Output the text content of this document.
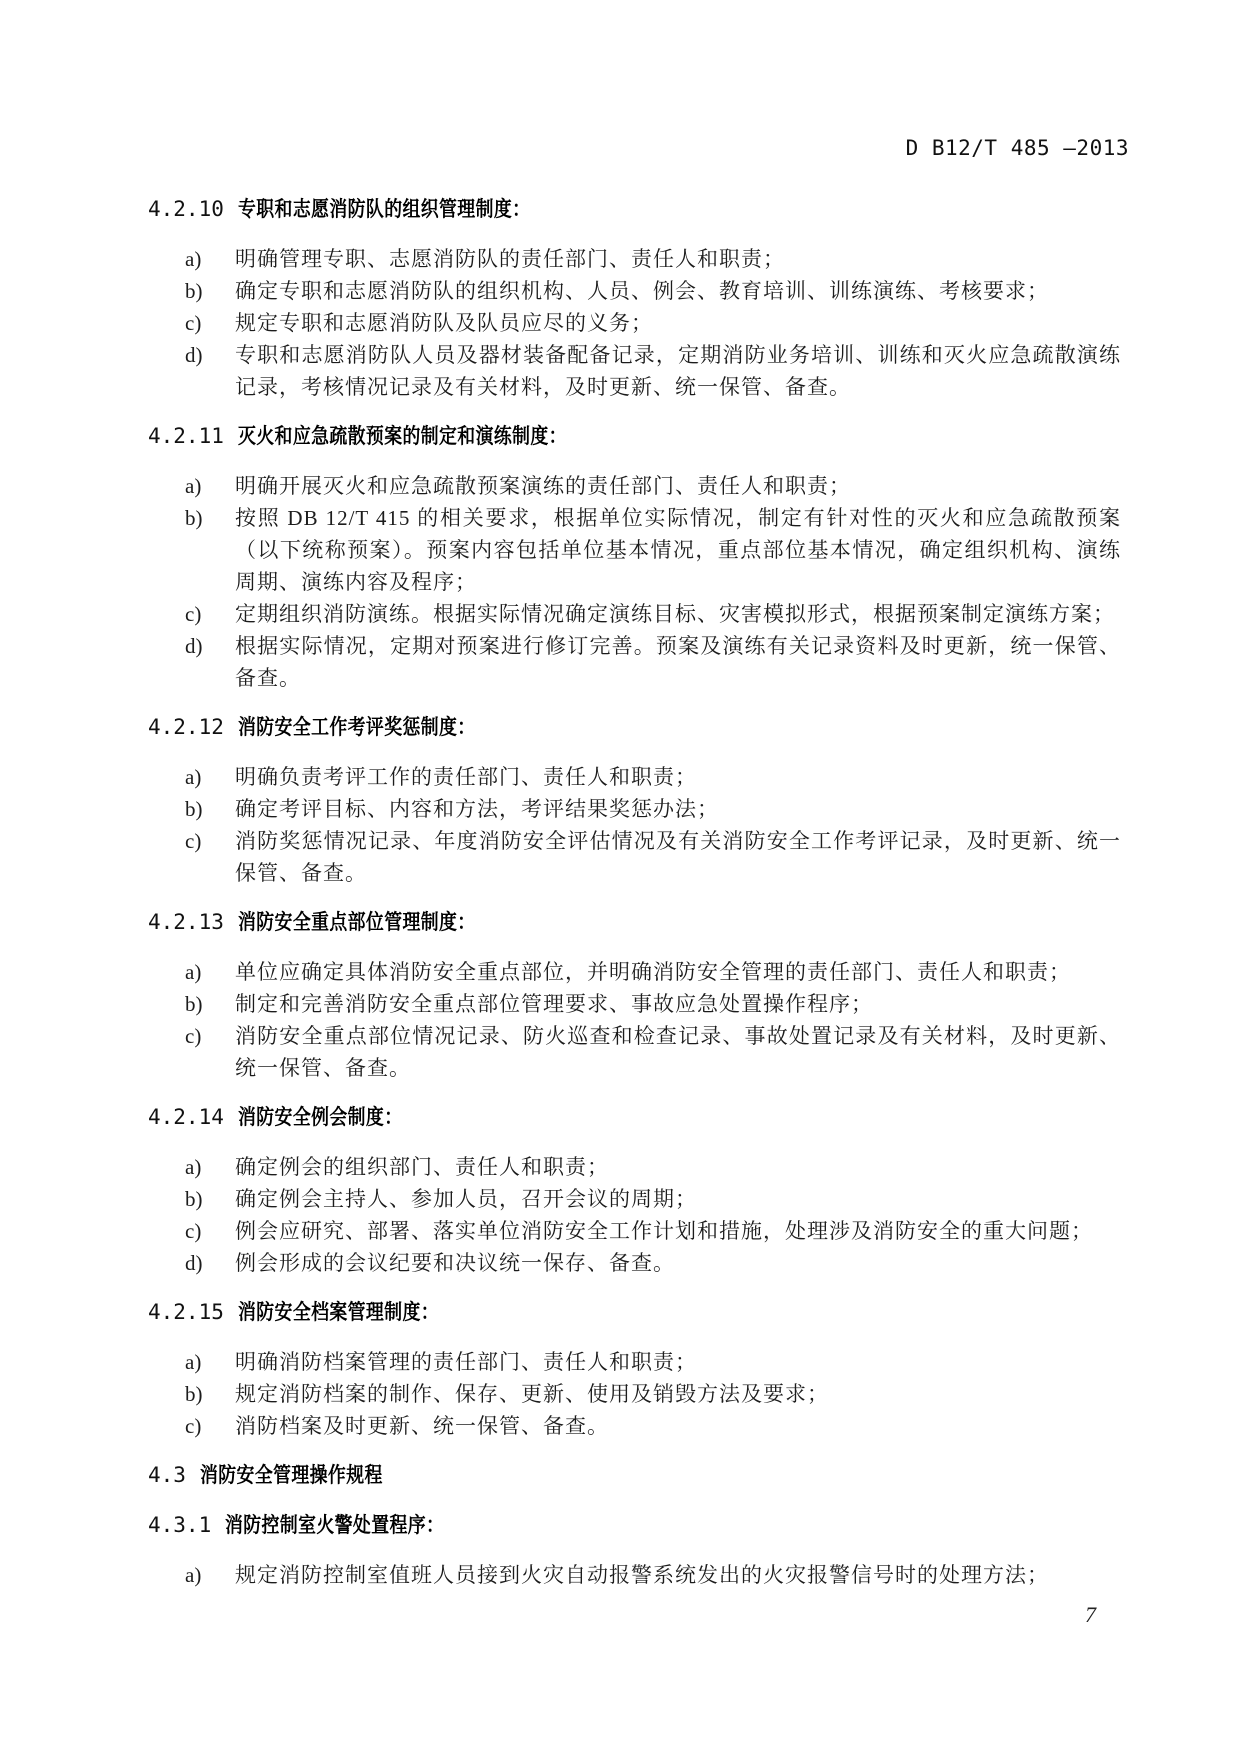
D B12/T 485 —2013
4.2.10 专职和志愿消防队的组织管理制度：
a)	明确管理专职、志愿消防队的责任部门、责任人和职责；
b)	确定专职和志愿消防队的组织机构、人员、例会、教育培训、训练演练、考核要求；
c)	规定专职和志愿消防队及队员应尽的义务；
d)	专职和志愿消防队人员及器材装备配备记录，定期消防业务培训、训练和灭火应急疏散演练记录，考核情况记录及有关材料，及时更新、统一保管、备查。
4.2.11 灭火和应急疏散预案的制定和演练制度：
a)	明确开展灭火和应急疏散预案演练的责任部门、责任人和职责；
b)	按照 DB 12/T 415 的相关要求，根据单位实际情况，制定有针对性的灭火和应急疏散预案（以下统称预案）。预案内容包括单位基本情况，重点部位基本情况，确定组织机构、演练周期、演练内容及程序；
c)	定期组织消防演练。根据实际情况确定演练目标、灾害模拟形式，根据预案制定演练方案；
d)	根据实际情况，定期对预案进行修订完善。预案及演练有关记录资料及时更新，统一保管、备查。
4.2.12 消防安全工作考评奖惩制度：
a)	明确负责考评工作的责任部门、责任人和职责；
b)	确定考评目标、内容和方法，考评结果奖惩办法；
c)	消防奖惩情况记录、年度消防安全评估情况及有关消防安全工作考评记录，及时更新、统一保管、备查。
4.2.13 消防安全重点部位管理制度：
a)	单位应确定具体消防安全重点部位，并明确消防安全管理的责任部门、责任人和职责；
b)	制定和完善消防安全重点部位管理要求、事故应急处置操作程序；
c)	消防安全重点部位情况记录、防火巡查和检查记录、事故处置记录及有关材料，及时更新、统一保管、备查。
4.2.14 消防安全例会制度：
a)	确定例会的组织部门、责任人和职责；
b)	确定例会主持人、参加人员，召开会议的周期；
c)	例会应研究、部署、落实单位消防安全工作计划和措施，处理涉及消防安全的重大问题；
d)	例会形成的会议纪要和决议统一保存、备查。
4.2.15 消防安全档案管理制度：
a)	明确消防档案管理的责任部门、责任人和职责；
b)	规定消防档案的制作、保存、更新、使用及销毁方法及要求；
c)	消防档案及时更新、统一保管、备查。
4.3 消防安全管理操作规程
4.3.1 消防控制室火警处置程序：
a)	规定消防控制室值班人员接到火灾自动报警系统发出的火灾报警信号时的处理方法；
7
